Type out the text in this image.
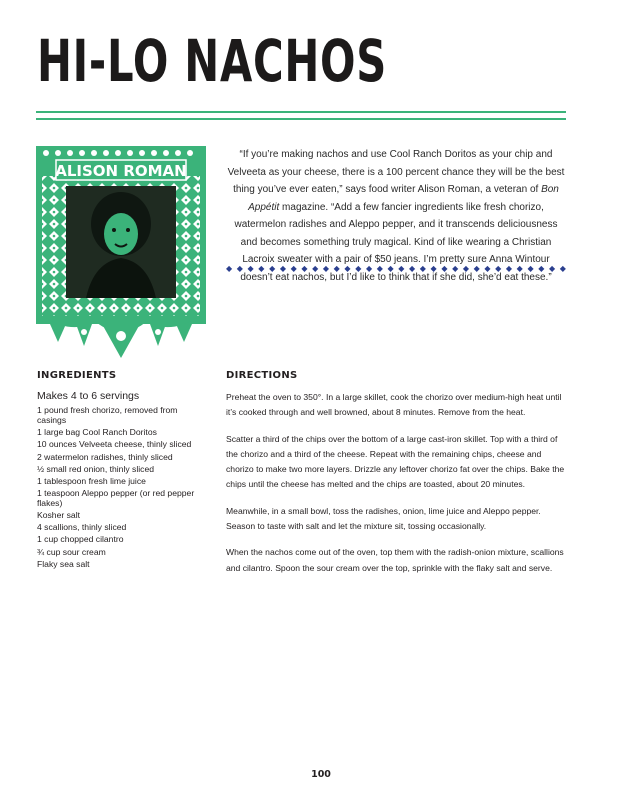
HI-LO NACHOS
ALISON ROMAN

“If you’re making nachos and use Cool Ranch Doritos as your chip and Velveeta as your cheese, there is a 100 percent chance they will be the best thing you’ve ever eaten,” says food writer Alison Roman, a veteran of Bon Appétit magazine. “Add a few fancier ingredients like fresh chorizo, watermelon radishes and Aleppo pepper, and it transcends deliciousness and becomes something truly magical. Kind of like wearing a Christian Lacroix sweater with a pair of $50 jeans. I’m pretty sure Anna Wintour doesn’t eat nachos, but I’d like to think that if she did, she’d eat these.”

◆ ◆ ◆ ◆ ◆ ◆ ◆ ◆ ◆ ◆ ◆ ◆ ◆ ◆ ◆ ◆ ◆ ◆ ◆ ◆ ◆ ◆ ◆ ◆ ◆ ◆ ◆ ◆ ◆ ◆ ◆ ◆
INGREDIENTS	DIRECTIONS

Makes 4 to 6 servings

1 pound fresh chorizo, removed from casings
1 large bag Cool Ranch Doritos
10 ounces Velveeta cheese, thinly sliced
2 watermelon radishes, thinly sliced
½ small red onion, thinly sliced
1 tablespoon fresh lime juice
1 teaspoon Aleppo pepper (or red pepper flakes)
Kosher salt
4 scallions, thinly sliced
1 cup chopped cilantro
¾ cup sour cream
Flaky sea salt

Preheat the oven to 350°. In a large skillet, cook the chorizo over medium-high heat until it’s cooked through and well browned, about 8 minutes. Remove from the heat.

Scatter a third of the chips over the bottom of a large cast-iron skillet. Top with a third of the chorizo and a third of the cheese. Repeat with the remaining chips, cheese and chorizo to make two more layers. Drizzle any leftover chorizo fat over the chips. Bake the chips until the cheese has melted and the chips are toasted, about 20 minutes.

Meanwhile, in a small bowl, toss the radishes, onion, lime juice and Aleppo pepper. Season to taste with salt and let the mixture sit, tossing occasionally.

When the nachos come out of the oven, top them with the radish-onion mixture, scallions and cilantro. Spoon the sour cream over the top, sprinkle with the flaky salt and serve.

100
